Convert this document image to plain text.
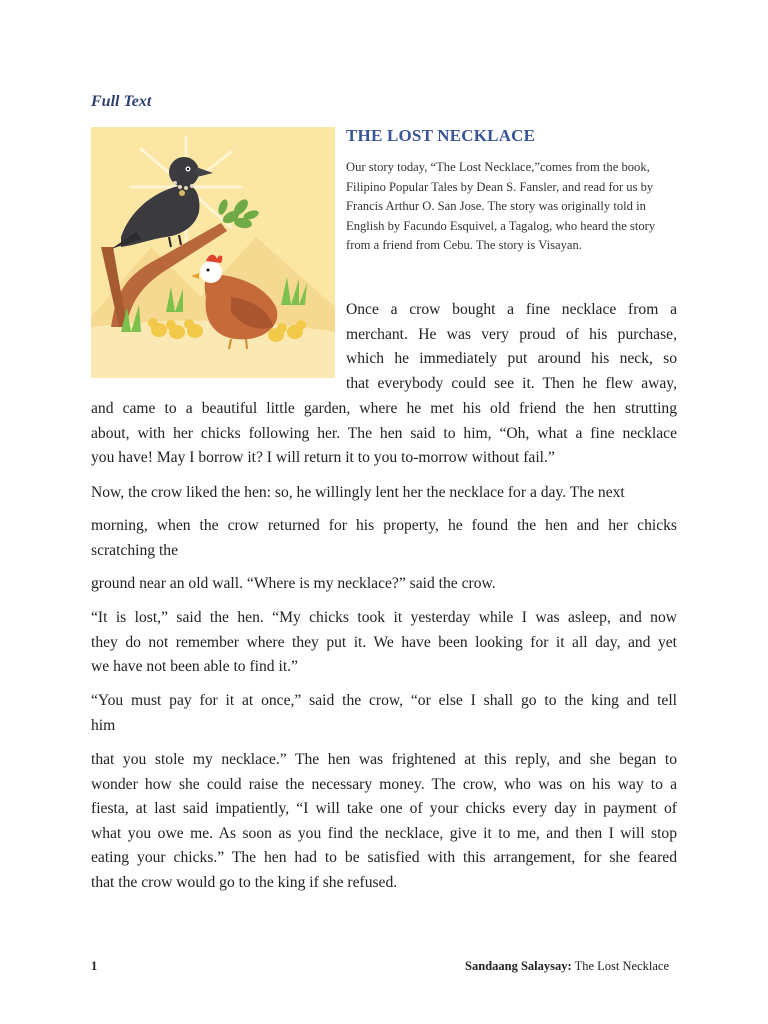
Full Text
THE LOST NECKLACE
Our story today, “The Lost Necklace,”comes from the book, Filipino Popular Tales by Dean S. Fansler, and read for us by Francis Arthur O. San Jose. The story was originally told in English by Facundo Esquivel, a Tagalog, who heard the story from a friend from Cebu. The story is Visayan.
Once a crow bought a fine necklace from a
merchant. He was very proud of his purchase,
which he immediately put around his neck, so
that everybody could see it. Then he flew away,
and came to a beautiful little garden, where he met his old friend the hen strutting
about, with her chicks following her. The hen said to him, “Oh, what a fine necklace
you have! May I borrow it? I will return it to you to-morrow without fail.”
Now, the crow liked the hen: so, he willingly lent her the necklace for a day. The next
morning, when the crow returned for his property, he found the hen and her chicks
scratching the
ground near an old wall. “Where is my necklace?” said the crow.
“It is lost,” said the hen. “My chicks took it yesterday while I was asleep, and now
they do not remember where they put it. We have been looking for it all day, and yet
we have not been able to find it.”
“You must pay for it at once,” said the crow, “or else I shall go to the king and tell
him
that you stole my necklace.” The hen was frightened at this reply, and she began to
wonder how she could raise the necessary money. The crow, who was on his way to a
fiesta, at last said impatiently, “I will take one of your chicks every day in payment of
what you owe me. As soon as you find the necklace, give it to me, and then I will stop
eating your chicks.” The hen had to be satisfied with this arrangement, for she feared
that the crow would go to the king if she refused.
1	Sandaang Salaysay: The Lost Necklace
